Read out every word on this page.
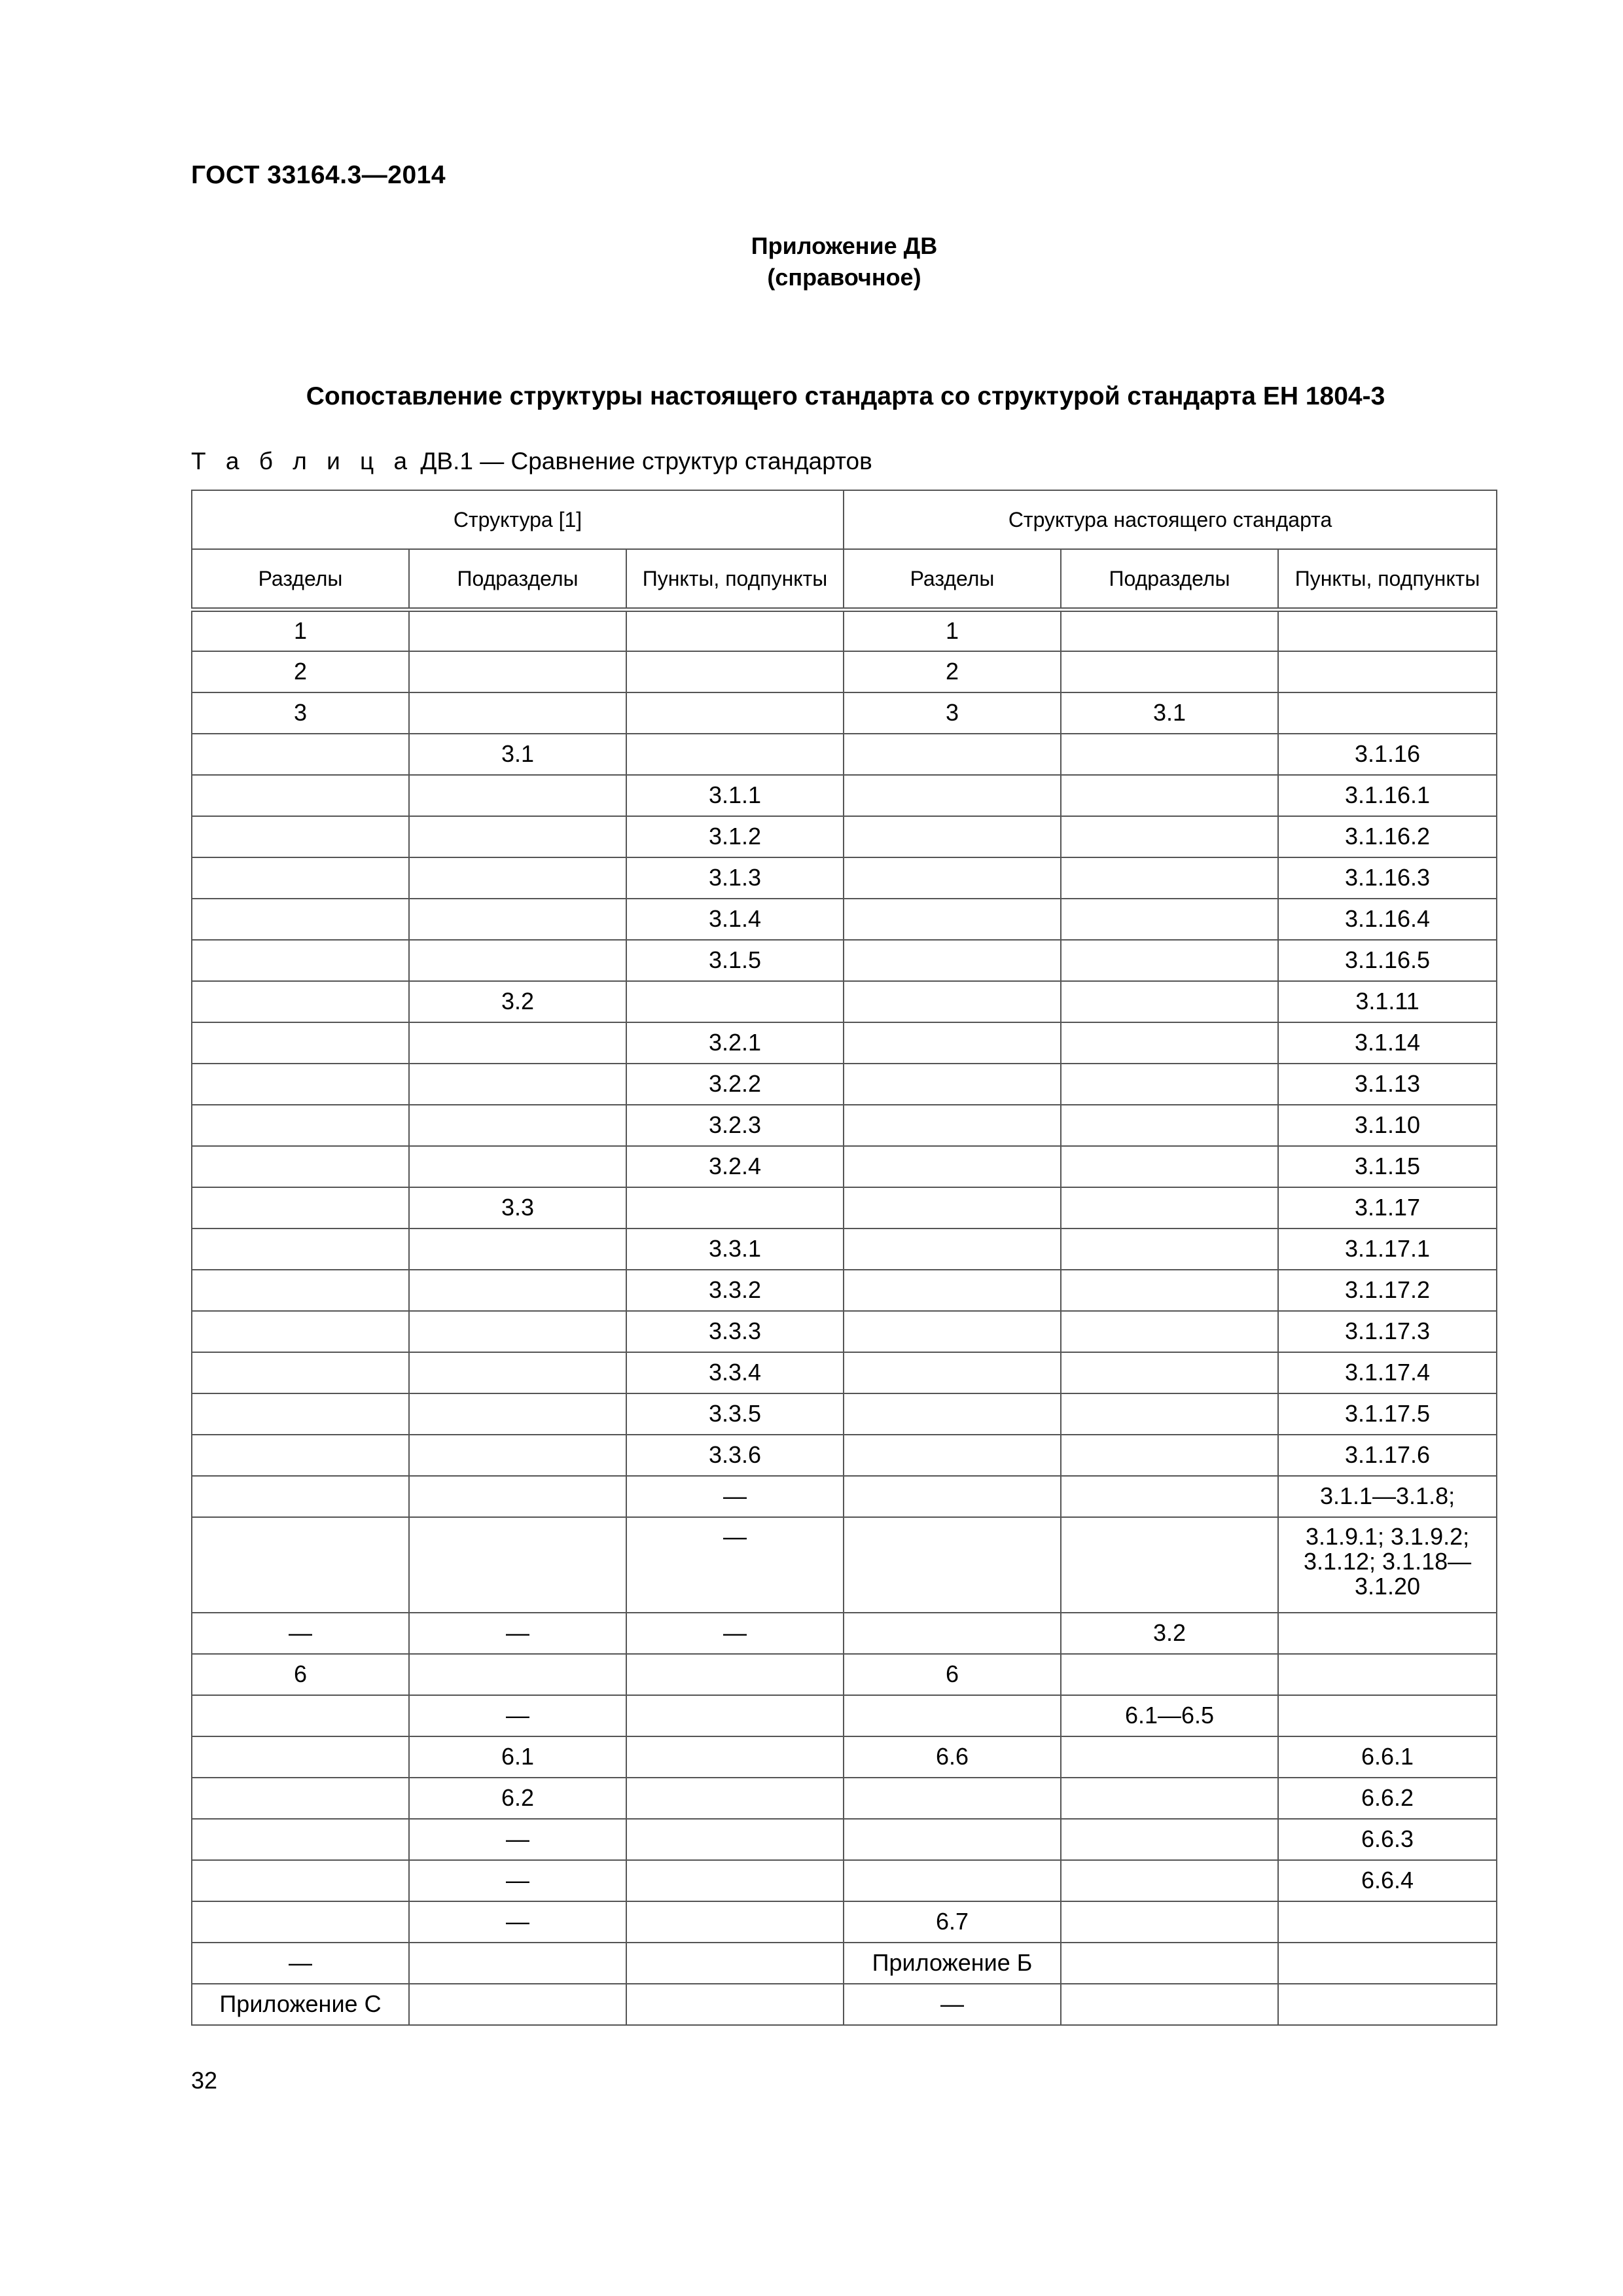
ГОСТ 33164.3—2014
Приложение ДВ
(справочное)
Сопоставление структуры настоящего стандарта со структурой стандарта ЕН 1804-3
Т а б л и ц а ДВ.1 — Сравнение структур стандартов
Структура [1]			Структура настоящего стандарта		
Разделы	Подразделы	Пункты, подпункты	Разделы	Подразделы	Пункты, подпункты
1			1		
2			2		
3			3	3.1	
	3.1				3.1.16
		3.1.1			3.1.16.1
		3.1.2			3.1.16.2
		3.1.3			3.1.16.3
		3.1.4			3.1.16.4
		3.1.5			3.1.16.5
	3.2				3.1.11
		3.2.1			3.1.14
		3.2.2			3.1.13
		3.2.3			3.1.10
		3.2.4			3.1.15
	3.3				3.1.17
		3.3.1			3.1.17.1
		3.3.2			3.1.17.2
		3.3.3			3.1.17.3
		3.3.4			3.1.17.4
		3.3.5			3.1.17.5
		3.3.6			3.1.17.6
		—			3.1.1—3.1.8;
		—			3.1.9.1; 3.1.9.2; 3.1.12; 3.1.18—3.1.20
—	—	—		3.2	
6			6		
	—			6.1—6.5	
	6.1		6.6		6.6.1
	6.2				6.6.2
	—				6.6.3
	—				6.6.4
	—		6.7		
—			Приложение Б		
Приложение С			—		
32
